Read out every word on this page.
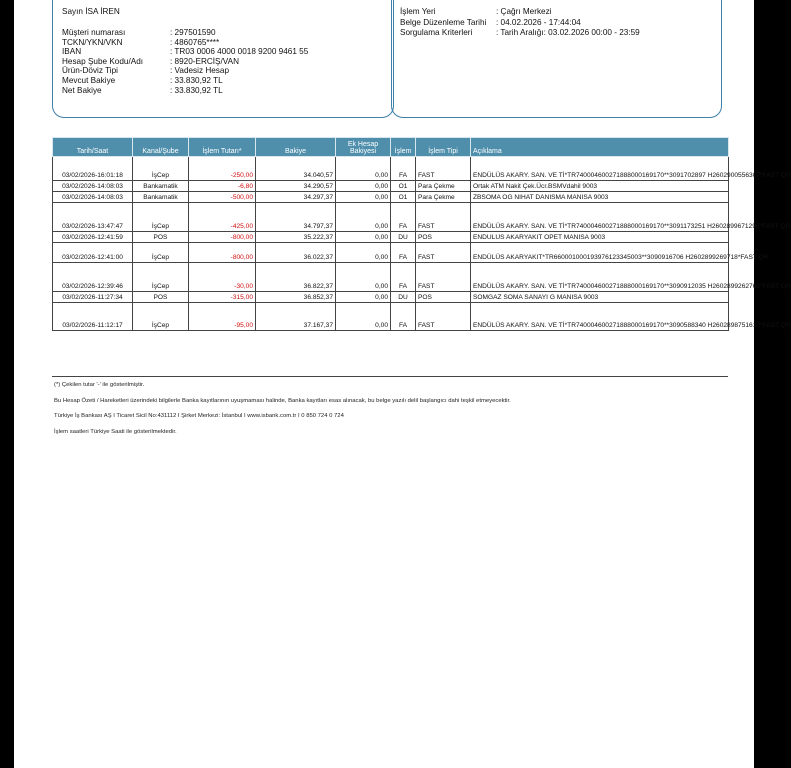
Sayın İSA İREN
Müşteri numarası	: 297501590
TCKN/YKN/VKN	: 4860765****
IBAN	: TR03 0006 4000 0018 9200 9461 55
Hesap Şube Kodu/Adı	: 8920-ERCİŞ/VAN
Ürün-Döviz Tipi	: Vadesiz Hesap
Mevcut Bakiye	: 33.830,92 TL
Net Bakiye	: 33.830,92 TL
İşlem Yeri	: Çağrı Merkezi
Belge Düzenleme Tarihi : 04.02.2026 - 17:44:04
Sorgulama Kriterleri	: Tarih Aralığı: 03.02.2026 00:00 - 23:59
Tarih/Saat	Kanal/Şube	İşlem Tutarı*	Bakiye	Ek Hesap Bakiyesi	İşlem	İşlem Tipi	Açıklama
03/02/2026-16:01:18	İşCep	-250,00	34.040,57	0,00	FA	FAST	ENDÜLÜS AKARY. SAN. VE Tİ*TR740004600271888000169170**3091702897 H2602900556307*FAST QR
03/02/2026-14:08:03	Bankamatik	-6,80	34.290,57	0,00	O1	Para Çekme	Ortak ATM Nakit Çek.Ücr.BSMVdahil 9003
03/02/2026-14:08:03	Bankamatik	-500,00	34.297,37	0,00	O1	Para Çekme	ZBSOMA OG NIHAT DANISMA MANISA 9003
03/02/2026-13:47:47	İşCep	-425,00	34.797,37	0,00	FA	FAST	ENDÜLÜS AKARY. SAN. VE Tİ*TR740004600271888000169170**3091173251 H2602899671296*FAST QR
03/02/2026-12:41:59	POS	-800,00	35.222,37	0,00	DU	POS	ENDULUS AKARYAKIT OPET MANISA 9003
03/02/2026-12:41:00	İşCep	-800,00	36.022,37	0,00	FA	FAST	ENDÜLÜS AKARYAKIT*TR660001000193976123345003**3090916706 H2602899269718*FAST QR
03/02/2026-12:39:46	İşCep	-30,00	36.822,37	0,00	FA	FAST	ENDÜLÜS AKARY. SAN. VE Tİ*TR740004600271888000169170**3090912035 H2602899262766*FAST QR
03/02/2026-11:27:34	POS	-315,00	36.852,37	0,00	DU	POS	SOMGAZ SOMA SANAYI G MANISA 9003
03/02/2026-11:12:17	İşCep	-95,00	37.167,37	0,00	FA	FAST	ENDÜLÜS AKARY. SAN. VE Tİ*TR740004600271888000169170**3090588340 H2602898751610*FAST QR
(*) Çekilen tutar '-' ile gösterilmiştir.
Bu Hesap Özeti / Hareketleri üzerindeki bilgilerle Banka kayıtlarının uyuşmaması halinde, Banka kayıtları esas alınacak, bu belge yazılı delil başlangıcı dahi teşkil etmeyecektir.
Türkiye İş Bankası AŞ I Ticaret Sicil No:431112 I Şirket Merkezi: İstanbul I www.isbank.com.tr I 0 850 724 0 724
İşlem saatleri Türkiye Saati ile gösterilmektedir.
